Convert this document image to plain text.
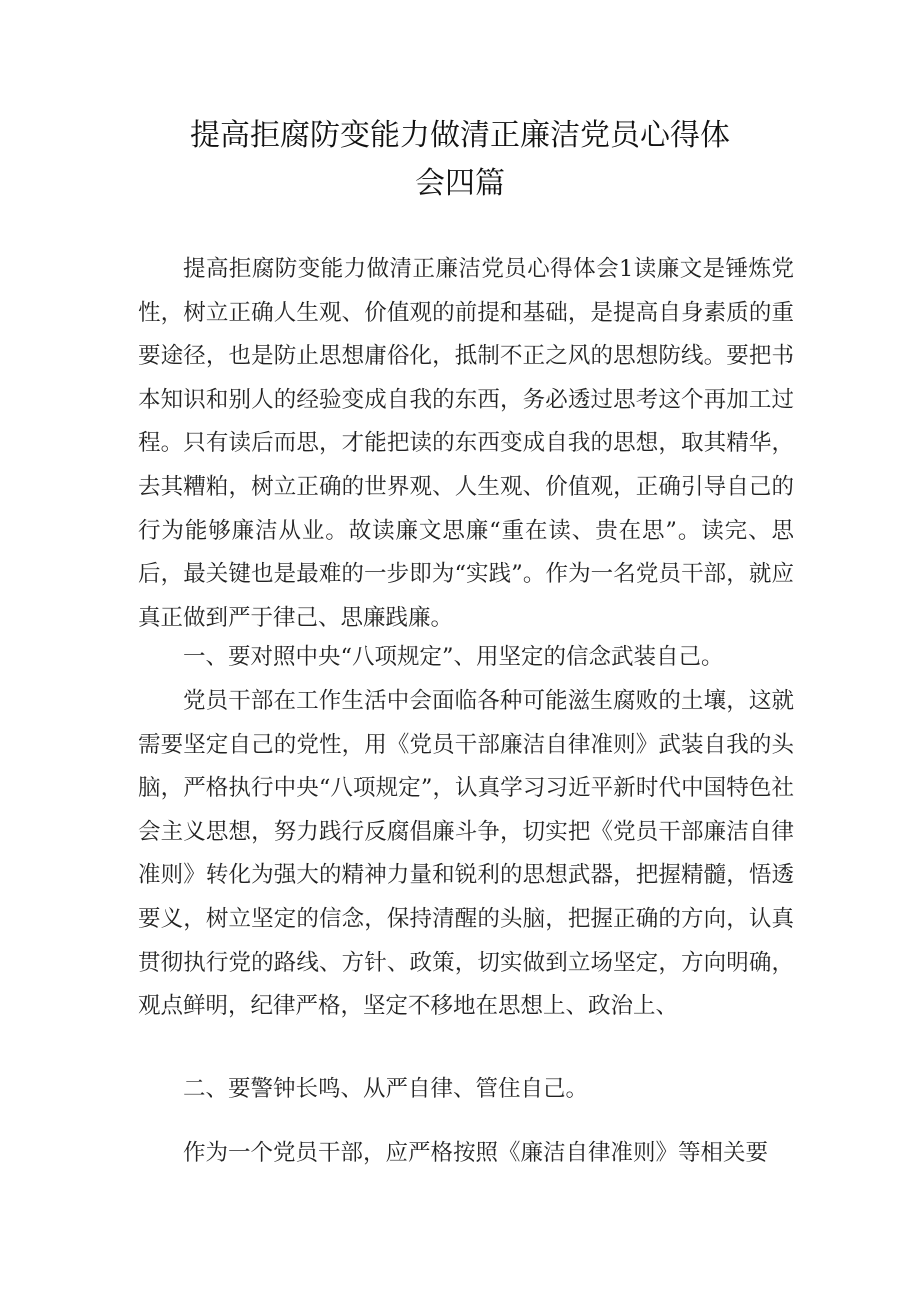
提高拒腐防变能力做清正廉洁党员心得体
会四篇

提高拒腐防变能力做清正廉洁党员心得体会1读廉文是锤炼党性，树立正确人生观、价值观的前提和基础，是提高自身素质的重要途径，也是防止思想庸俗化，抵制不正之风的思想防线。要把书本知识和别人的经验变成自我的东西，务必透过思考这个再加工过程。只有读后而思，才能把读的东西变成自我的思想，取其精华，去其糟粕，树立正确的世界观、人生观、价值观，正确引导自己的行为能够廉洁从业。故读廉文思廉“重在读、贵在思”。读完、思后，最关键也是最难的一步即为“实践”。作为一名党员干部，就应真正做到严于律己、思廉践廉。

一、要对照中央“八项规定”、用坚定的信念武装自己。

党员干部在工作生活中会面临各种可能滋生腐败的土壤，这就需要坚定自己的党性，用《党员干部廉洁自律准则》武装自我的头脑，严格执行中央“八项规定”，认真学习习近平新时代中国特色社会主义思想，努力践行反腐倡廉斗争，切实把《党员干部廉洁自律准则》转化为强大的精神力量和锐利的思想武器，把握精髓，悟透要义，树立坚定的信念，保持清醒的头脑，把握正确的方向，认真贯彻执行党的路线、方针、政策，切实做到立场坚定，方向明确，观点鲜明，纪律严格，坚定不移地在思想上、政治上、

二、要警钟长鸣、从严自律、管住自己。

作为一个党员干部，应严格按照《廉洁自律准则》等相关要
